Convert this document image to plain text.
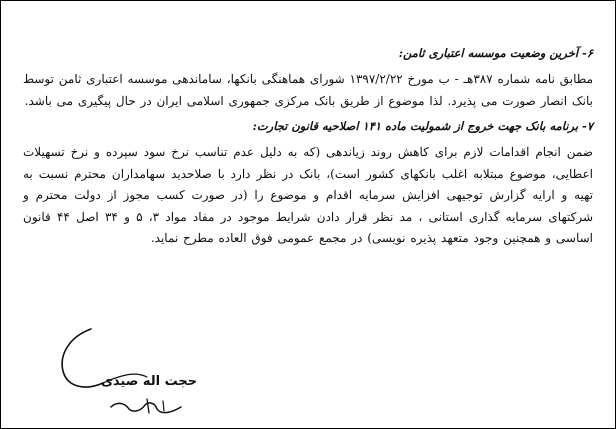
۶- آخرین وضعیت موسسه اعتباری ثامن:

مطابق نامه شماره ۳۸۷هـ - ب مورخ ۱۳۹۷/۲/۲۲ شورای هماهنگی بانکها، ساماندهی موسسه اعتباری ثامن توسط بانک انصار صورت می پذیرد. لذا موضوع از طریق بانک مرکزی جمهوری اسلامی ایران در حال پیگیری می باشد.

۷- برنامه بانک جهت خروج از شمولیت ماده ۱۴۱ اصلاحیه قانون تجارت:

ضمن انجام اقدامات لازم برای کاهش روند زیاندهی (که به دلیل عدم تناسب نرخ سود سپرده و نرخ تسهیلات اعطایی، موضوع مبتلابه اغلب بانکهای کشور است)، بانک در نظر دارد با صلاحدید سهامداران محترم نسبت به تهیه و ارایه گزارش توجیهی افزایش سرمایه اقدام و موضوع را (در صورت کسب مجوز از دولت محترم و شرکتهای سرمایه گذاری استانی ، مد نظر قرار دادن شرایط موجود در مفاد مواد ۳، ۵ و ۳۴ اصل ۴۴ قانون اساسی و همچنین وجود متعهد پذیره نویسی) در مجمع عمومی فوق العاده مطرح نماید.

حجت اله صیدی
